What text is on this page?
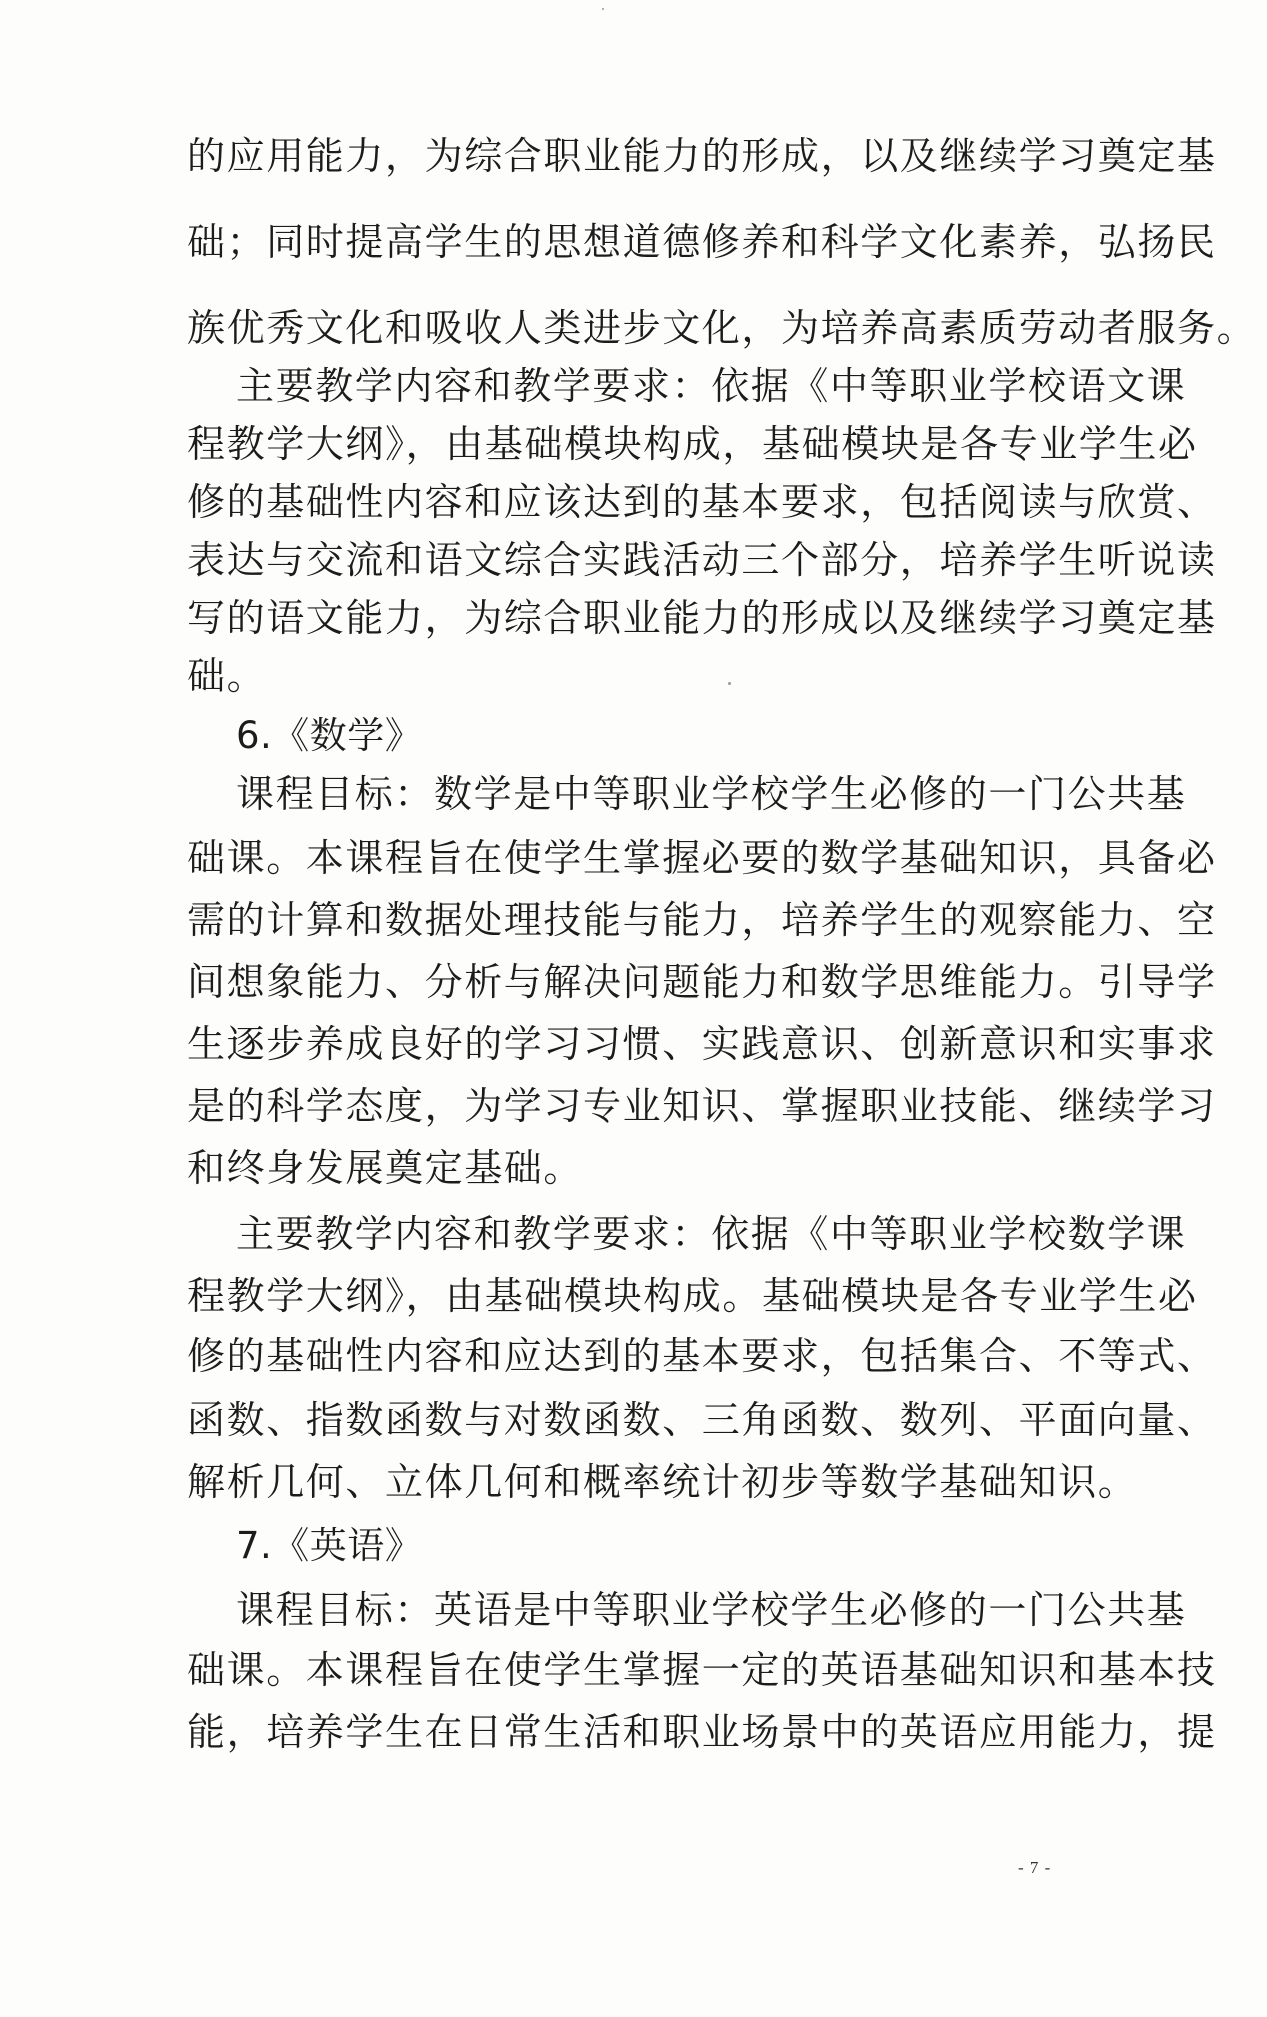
的应用能力，为综合职业能力的形成，以及继续学习奠定基
础；同时提高学生的思想道德修养和科学文化素养，弘扬民
族优秀文化和吸收人类进步文化，为培养高素质劳动者服务。
主要教学内容和教学要求：依据《中等职业学校语文课
程教学大纲》，由基础模块构成，基础模块是各专业学生必
修的基础性内容和应该达到的基本要求，包括阅读与欣赏、
表达与交流和语文综合实践活动三个部分，培养学生听说读
写的语文能力，为综合职业能力的形成以及继续学习奠定基
础。
6.《数学》
课程目标：数学是中等职业学校学生必修的一门公共基
础课。本课程旨在使学生掌握必要的数学基础知识，具备必
需的计算和数据处理技能与能力，培养学生的观察能力、空
间想象能力、分析与解决问题能力和数学思维能力。引导学
生逐步养成良好的学习习惯、实践意识、创新意识和实事求
是的科学态度，为学习专业知识、掌握职业技能、继续学习
和终身发展奠定基础。
主要教学内容和教学要求：依据《中等职业学校数学课
程教学大纲》，由基础模块构成。基础模块是各专业学生必
修的基础性内容和应达到的基本要求，包括集合、不等式、
函数、指数函数与对数函数、三角函数、数列、平面向量、
解析几何、立体几何和概率统计初步等数学基础知识。
7.《英语》
课程目标：英语是中等职业学校学生必修的一门公共基
础课。本课程旨在使学生掌握一定的英语基础知识和基本技
能，培养学生在日常生活和职业场景中的英语应用能力，提
- 7 -
